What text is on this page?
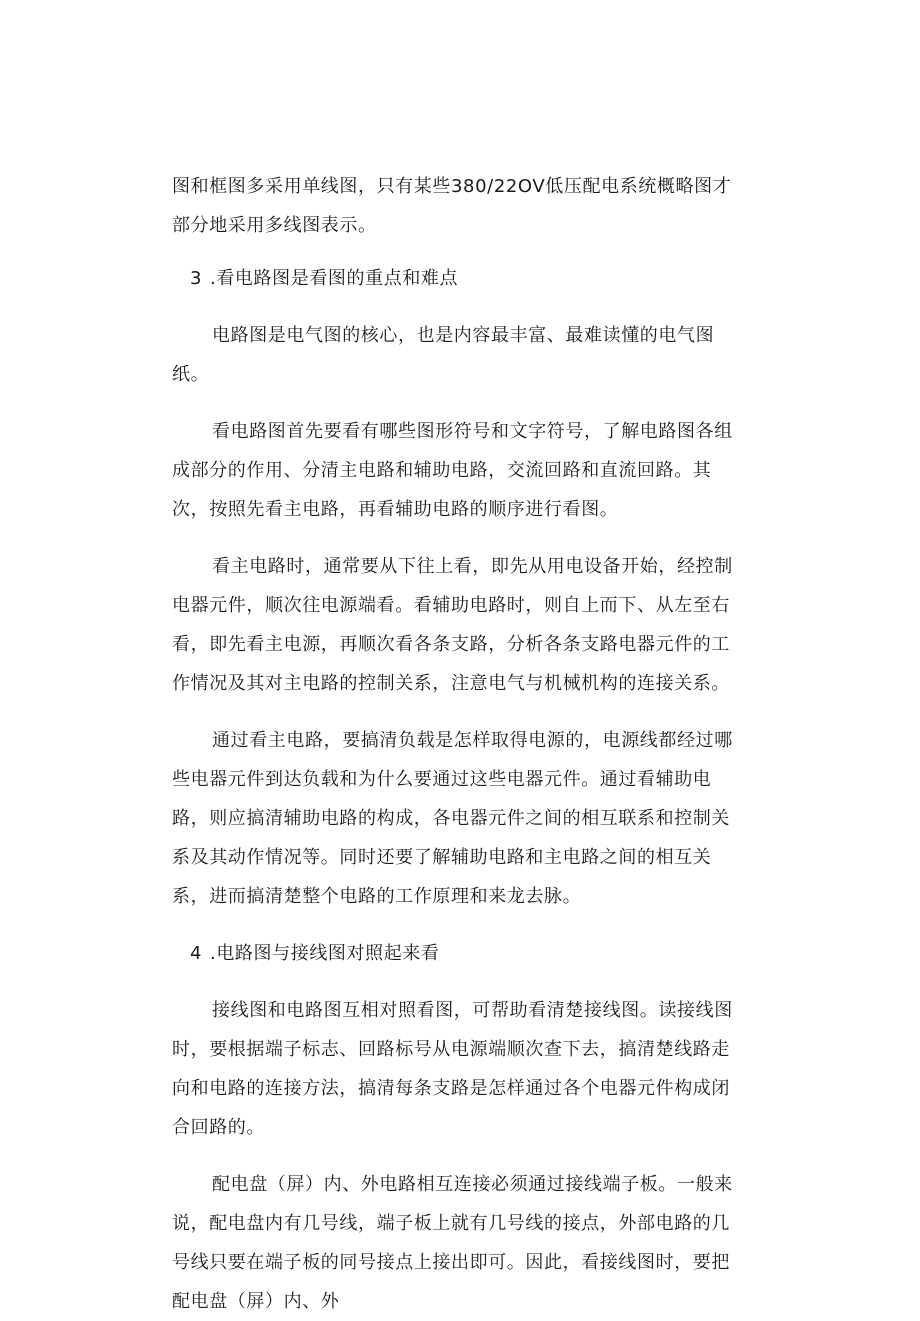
图和框图多采用单线图，只有某些380/22OV低压配电系统概略图才部分地采用多线图表示。

3 .看电路图是看图的重点和难点

电路图是电气图的核心，也是内容最丰富、最难读懂的电气图纸。

看电路图首先要看有哪些图形符号和文字符号，了解电路图各组成部分的作用、分清主电路和辅助电路，交流回路和直流回路。其次，按照先看主电路，再看辅助电路的顺序进行看图。

看主电路时，通常要从下往上看，即先从用电设备开始，经控制电器元件，顺次往电源端看。看辅助电路时，则自上而下、从左至右看，即先看主电源，再顺次看各条支路，分析各条支路电器元件的工作情况及其对主电路的控制关系，注意电气与机械机构的连接关系。

通过看主电路，要搞清负载是怎样取得电源的，电源线都经过哪些电器元件到达负载和为什么要通过这些电器元件。通过看辅助电路，则应搞清辅助电路的构成，各电器元件之间的相互联系和控制关系及其动作情况等。同时还要了解辅助电路和主电路之间的相互关系，进而搞清楚整个电路的工作原理和来龙去脉。

4 .电路图与接线图对照起来看

接线图和电路图互相对照看图，可帮助看清楚接线图。读接线图时，要根据端子标志、回路标号从电源端顺次查下去，搞清楚线路走向和电路的连接方法，搞清每条支路是怎样通过各个电器元件构成闭合回路的。

配电盘（屏）内、外电路相互连接必须通过接线端子板。一般来说，配电盘内有几号线，端子板上就有几号线的接点，外部电路的几号线只要在端子板的同号接点上接出即可。因此，看接线图时，要把配电盘（屏）内、外
